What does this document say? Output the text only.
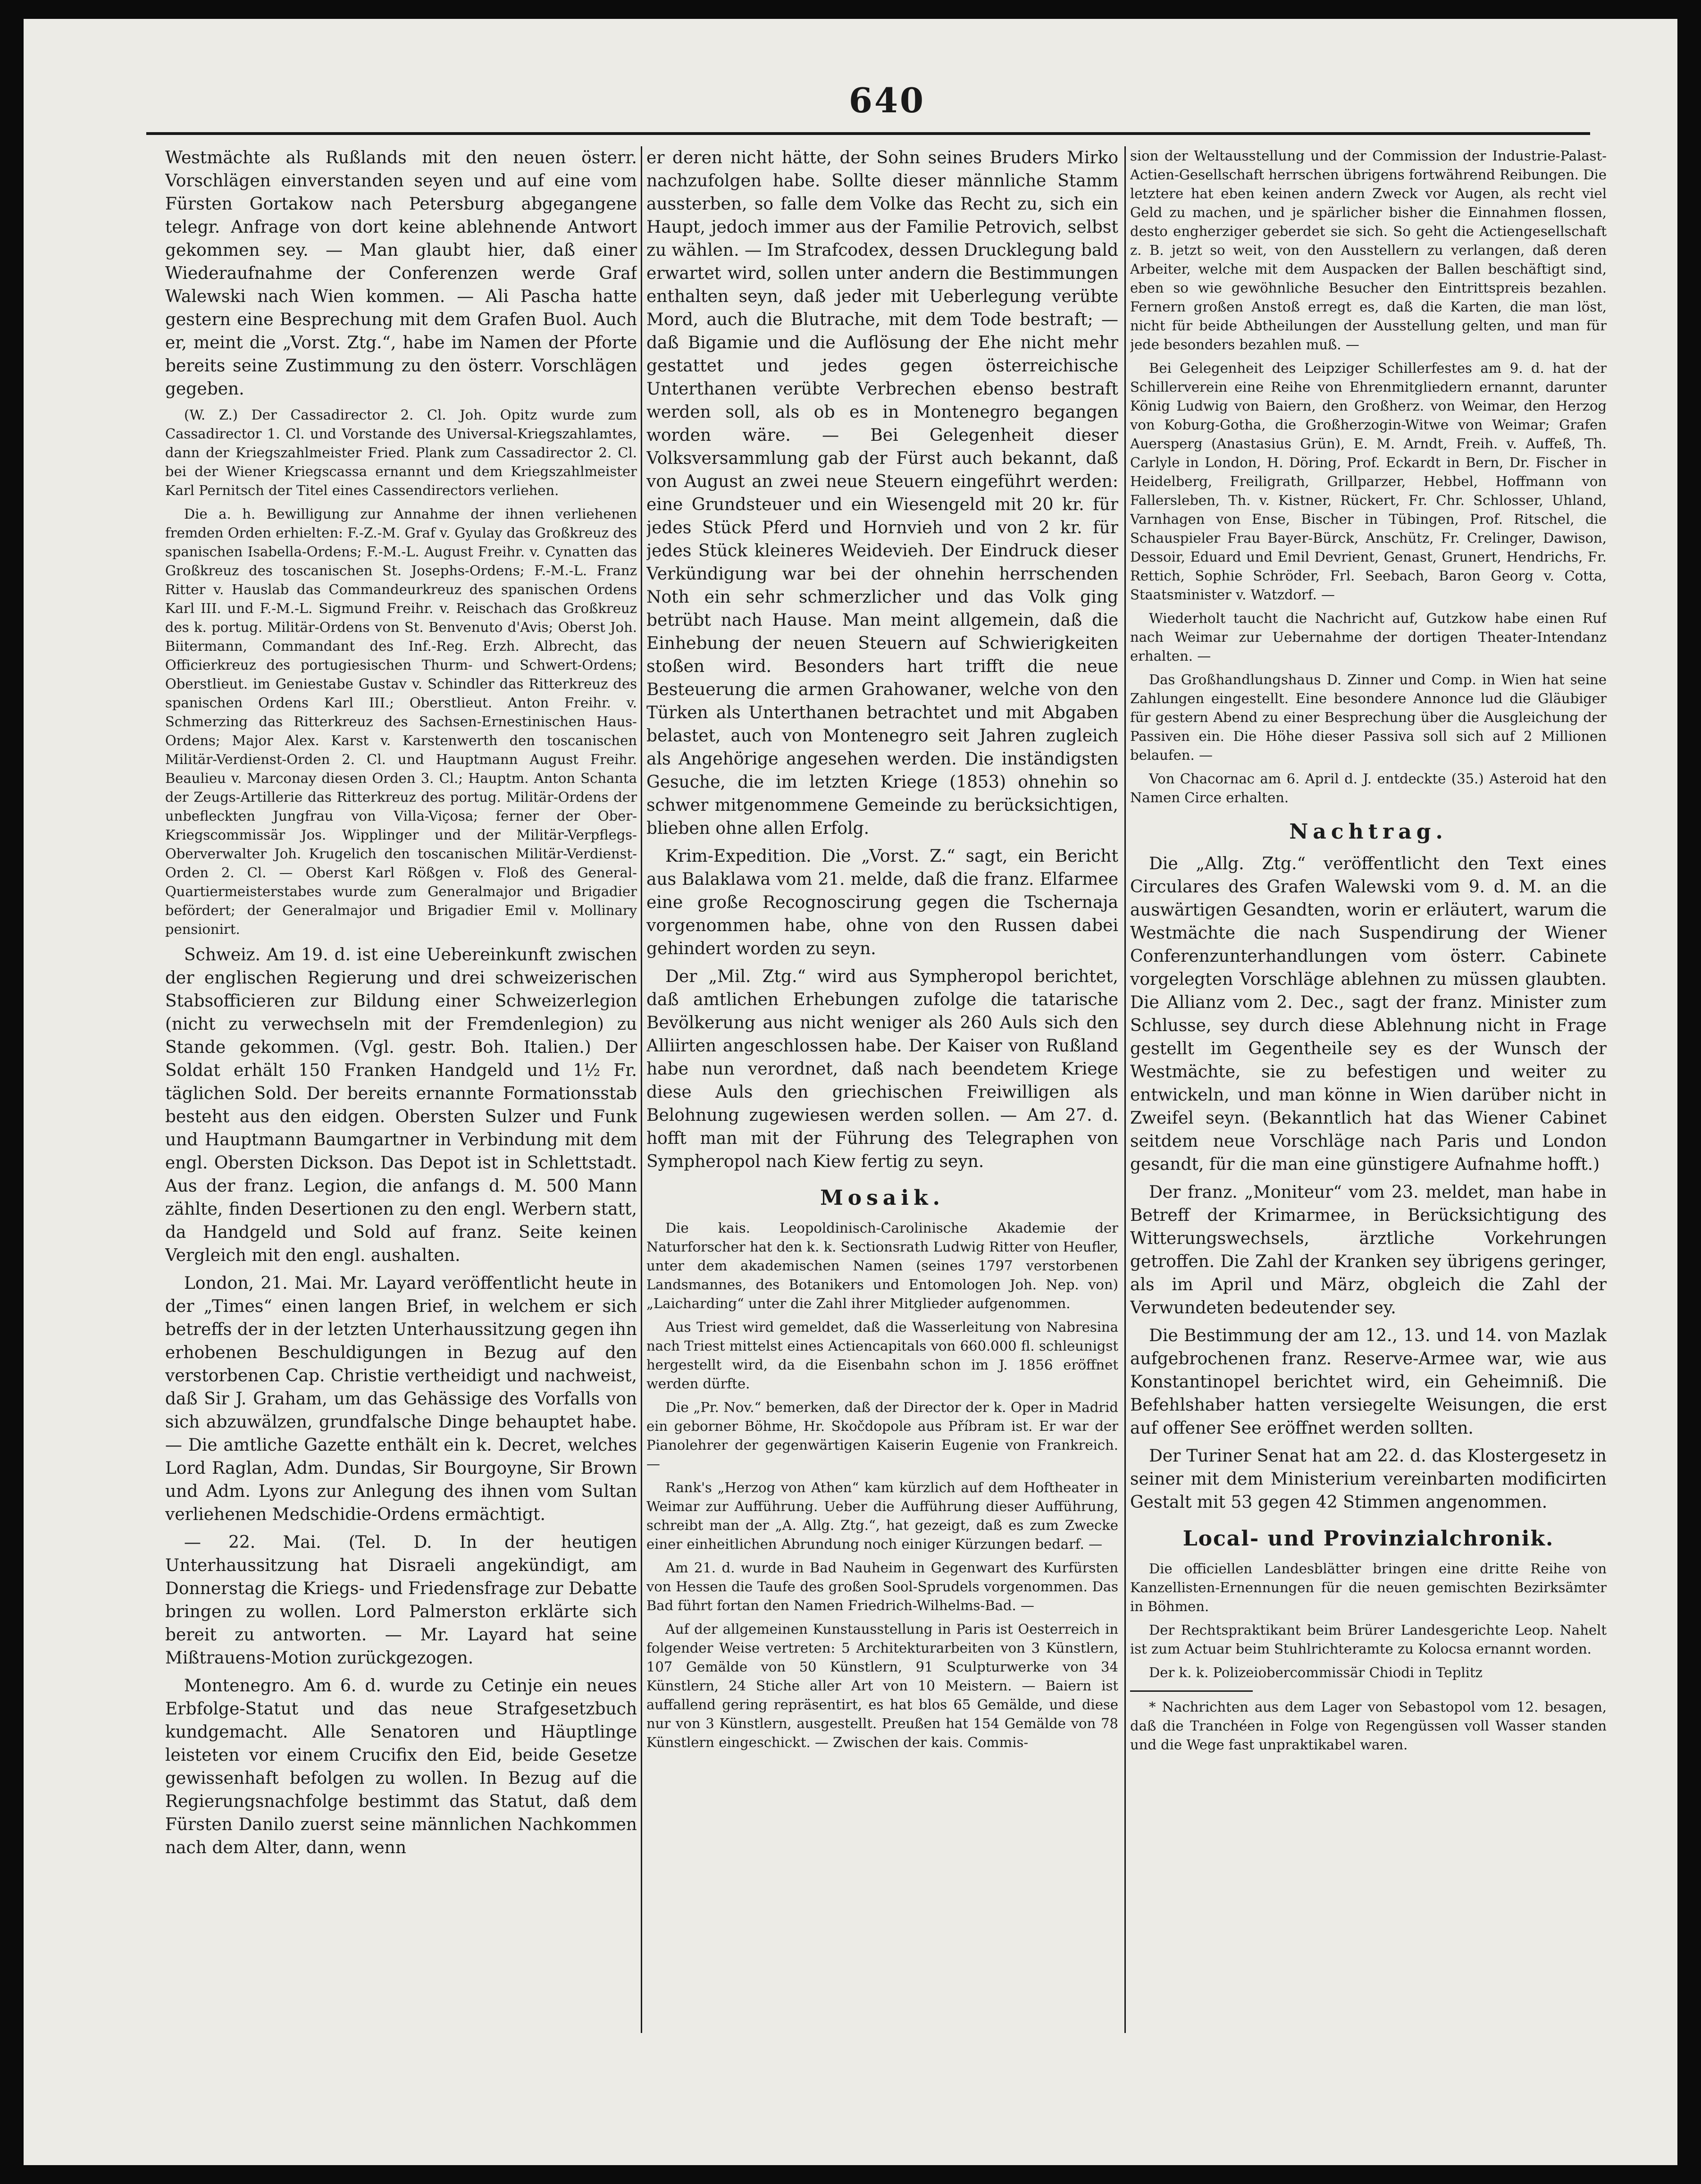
640

Westmächte als Rußlands mit den neuen österr. Vorschlägen einverstanden seyen und auf eine vom Fürsten Gortakow nach Petersburg abgegangene telegr. Anfrage von dort keine ablehnende Antwort gekommen sey. — Man glaubt hier, daß einer Wiederaufnahme der Conferenzen werde Graf Walewski nach Wien kommen. — Ali Pascha hatte gestern eine Besprechung mit dem Grafen Buol. Auch er, meint die „Vorst. Ztg.“, habe im Namen der Pforte bereits seine Zustimmung zu den österr. Vorschlägen gegeben.

(W. Z.) Der Cassadirector 2. Cl. Joh. Opitz wurde zum Cassadirector 1. Cl. und Vorstande des Universal-Kriegszahlamtes, dann der Kriegszahlmeister Fried. Plank zum Cassadirector 2. Cl. bei der Wiener Kriegscassa ernannt und dem Kriegszahlmeister Karl Pernitsch der Titel eines Cassendirectors verliehen.

Die a. h. Bewilligung zur Annahme der ihnen verliehenen fremden Orden erhielten: F.-Z.-M. Graf v. Gyulay das Großkreuz des spanischen Isabella-Ordens; F.-M.-L. August Freihr. v. Cynatten das Großkreuz des toscanischen St. Josephs-Ordens; F.-M.-L. Franz Ritter v. Hauslab das Commandeurkreuz des spanischen Ordens Karl III. und F.-M.-L. Sigmund Freihr. v. Reischach das Großkreuz des k. portug. Militär-Ordens von St. Benvenuto d'Avis; Oberst Joh. Biitermann, Commandant des Inf.-Reg. Erzh. Albrecht, das Officierkreuz des portugiesischen Thurm- und Schwert-Ordens; Oberstlieut. im Geniestabe Gustav v. Schindler das Ritterkreuz des spanischen Ordens Karl III.; Oberstlieut. Anton Freihr. v. Schmerzing das Ritterkreuz des Sachsen-Ernestinischen Haus-Ordens; Major Alex. Karst v. Karstenwerth den toscanischen Militär-Verdienst-Orden 2. Cl. und Hauptmann August Freihr. Beaulieu v. Marconay diesen Orden 3. Cl.; Hauptm. Anton Schanta der Zeugs-Artillerie das Ritterkreuz des portug. Militär-Ordens der unbefleckten Jungfrau von Villa-Viçosa; ferner der Ober-Kriegscommissär Jos. Wipplinger und der Militär-Verpflegs-Oberverwalter Joh. Krugelich den toscanischen Militär-Verdienst-Orden 2. Cl. — Oberst Karl Rößgen v. Floß des General-Quartiermeisterstabes wurde zum Generalmajor und Brigadier befördert; der Generalmajor und Brigadier Emil v. Mollinary pensionirt.

Schweiz. Am 19. d. ist eine Uebereinkunft zwischen der englischen Regierung und drei schweizerischen Stabsofficieren zur Bildung einer Schweizerlegion (nicht zu verwechseln mit der Fremdenlegion) zu Stande gekommen. (Vgl. gestr. Boh. Italien.) Der Soldat erhält 150 Franken Handgeld und 1½ Fr. täglichen Sold. Der bereits ernannte Formationsstab besteht aus den eidgen. Obersten Sulzer und Funk und Hauptmann Baumgartner in Verbindung mit dem engl. Obersten Dickson. Das Depot ist in Schlettstadt. Aus der franz. Legion, die anfangs d. M. 500 Mann zählte, finden Desertionen zu den engl. Werbern statt, da Handgeld und Sold auf franz. Seite keinen Vergleich mit den engl. aushalten.

London, 21. Mai. Mr. Layard veröffentlicht heute in der „Times“ einen langen Brief, in welchem er sich betreffs der in der letzten Unterhaussitzung gegen ihn erhobenen Beschuldigungen in Bezug auf den verstorbenen Cap. Christie vertheidigt und nachweist, daß Sir J. Graham, um das Gehässige des Vorfalls von sich abzuwälzen, grundfalsche Dinge behauptet habe. — Die amtliche Gazette enthält ein k. Decret, welches Lord Raglan, Adm. Dundas, Sir Bourgoyne, Sir Brown und Adm. Lyons zur Anlegung des ihnen vom Sultan verliehenen Medschidie-Ordens ermächtigt.

— 22. Mai. (Tel. D. In der heutigen Unterhaussitzung hat Disraeli angekündigt, am Donnerstag die Kriegs- und Friedensfrage zur Debatte bringen zu wollen. Lord Palmerston erklärte sich bereit zu antworten. — Mr. Layard hat seine Mißtrauens-Motion zurückgezogen.

Montenegro. Am 6. d. wurde zu Cetinje ein neues Erbfolge-Statut und das neue Strafgesetzbuch kundgemacht. Alle Senatoren und Häuptlinge leisteten vor einem Crucifix den Eid, beide Gesetze gewissenhaft befolgen zu wollen. In Bezug auf die Regierungsnachfolge bestimmt das Statut, daß dem Fürsten Danilo zuerst seine männlichen Nachkommen nach dem Alter, dann, wenn

er deren nicht hätte, der Sohn seines Bruders Mirko nachzufolgen habe. Sollte dieser männliche Stamm aussterben, so falle dem Volke das Recht zu, sich ein Haupt, jedoch immer aus der Familie Petrovich, selbst zu wählen. — Im Strafcodex, dessen Drucklegung bald erwartet wird, sollen unter andern die Bestimmungen enthalten seyn, daß jeder mit Ueberlegung verübte Mord, auch die Blutrache, mit dem Tode bestraft; — daß Bigamie und die Auflösung der Ehe nicht mehr gestattet und jedes gegen österreichische Unterthanen verübte Verbrechen ebenso bestraft werden soll, als ob es in Montenegro begangen worden wäre. — Bei Gelegenheit dieser Volksversammlung gab der Fürst auch bekannt, daß von August an zwei neue Steuern eingeführt werden: eine Grundsteuer und ein Wiesengeld mit 20 kr. für jedes Stück Pferd und Hornvieh und von 2 kr. für jedes Stück kleineres Weidevieh. Der Eindruck dieser Verkündigung war bei der ohnehin herrschenden Noth ein sehr schmerzlicher und das Volk ging betrübt nach Hause. Man meint allgemein, daß die Einhebung der neuen Steuern auf Schwierigkeiten stoßen wird. Besonders hart trifft die neue Besteuerung die armen Grahowaner, welche von den Türken als Unterthanen betrachtet und mit Abgaben belastet, auch von Montenegro seit Jahren zugleich als Angehörige angesehen werden. Die inständigsten Gesuche, die im letzten Kriege (1853) ohnehin so schwer mitgenommene Gemeinde zu berücksichtigen, blieben ohne allen Erfolg.

Krim-Expedition. Die „Vorst. Z.“ sagt, ein Bericht aus Balaklawa vom 21. melde, daß die franz. Elfarmee eine große Recognoscirung gegen die Tschernaja vorgenommen habe, ohne von den Russen dabei gehindert worden zu seyn.

Der „Mil. Ztg.“ wird aus Sympheropol berichtet, daß amtlichen Erhebungen zufolge die tatarische Bevölkerung aus nicht weniger als 260 Auls sich den Alliirten angeschlossen habe. Der Kaiser von Rußland habe nun verordnet, daß nach beendetem Kriege diese Auls den griechischen Freiwilligen als Belohnung zugewiesen werden sollen. — Am 27. d. hofft man mit der Führung des Telegraphen von Sympheropol nach Kiew fertig zu seyn.

Mosaik.

Die kais. Leopoldinisch-Carolinische Akademie der Naturforscher hat den k. k. Sectionsrath Ludwig Ritter von Heufler, unter dem akademischen Namen (seines 1797 verstorbenen Landsmannes, des Botanikers und Entomologen Joh. Nep. von) „Laicharding“ unter die Zahl ihrer Mitglieder aufgenommen.

Aus Triest wird gemeldet, daß die Wasserleitung von Nabresina nach Triest mittelst eines Actiencapitals von 660.000 fl. schleunigst hergestellt wird, da die Eisenbahn schon im J. 1856 eröffnet werden dürfte.

Die „Pr. Nov.“ bemerken, daß der Director der k. Oper in Madrid ein geborner Böhme, Hr. Skočdopole aus Příbram ist. Er war der Pianolehrer der gegenwärtigen Kaiserin Eugenie von Frankreich. —

Rank's „Herzog von Athen“ kam kürzlich auf dem Hoftheater in Weimar zur Aufführung. Ueber die Aufführung dieser Aufführung, schreibt man der „A. Allg. Ztg.“, hat gezeigt, daß es zum Zwecke einer einheitlichen Abrundung noch einiger Kürzungen bedarf. —

Am 21. d. wurde in Bad Nauheim in Gegenwart des Kurfürsten von Hessen die Taufe des großen Sool-Sprudels vorgenommen. Das Bad führt fortan den Namen Friedrich-Wilhelms-Bad. —

Auf der allgemeinen Kunstausstellung in Paris ist Oesterreich in folgender Weise vertreten: 5 Architekturarbeiten von 3 Künstlern, 107 Gemälde von 50 Künstlern, 91 Sculpturwerke von 34 Künstlern, 24 Stiche aller Art von 10 Meistern. — Baiern ist auffallend gering repräsentirt, es hat blos 65 Gemälde, und diese nur von 3 Künstlern, ausgestellt. Preußen hat 154 Gemälde von 78 Künstlern eingeschickt. — Zwischen der kais. Commis-

sion der Weltausstellung und der Commission der Industrie-Palast-Actien-Gesellschaft herrschen übrigens fortwährend Reibungen. Die letztere hat eben keinen andern Zweck vor Augen, als recht viel Geld zu machen, und je spärlicher bisher die Einnahmen flossen, desto engherziger geberdet sie sich. So geht die Actiengesellschaft z. B. jetzt so weit, von den Ausstellern zu verlangen, daß deren Arbeiter, welche mit dem Auspacken der Ballen beschäftigt sind, eben so wie gewöhnliche Besucher den Eintrittspreis bezahlen. Fernern großen Anstoß erregt es, daß die Karten, die man löst, nicht für beide Abtheilungen der Ausstellung gelten, und man für jede besonders bezahlen muß. —

Bei Gelegenheit des Leipziger Schillerfestes am 9. d. hat der Schillerverein eine Reihe von Ehrenmitgliedern ernannt, darunter König Ludwig von Baiern, den Großherz. von Weimar, den Herzog von Koburg-Gotha, die Großherzogin-Witwe von Weimar; Grafen Auersperg (Anastasius Grün), E. M. Arndt, Freih. v. Auffeß, Th. Carlyle in London, H. Döring, Prof. Eckardt in Bern, Dr. Fischer in Heidelberg, Freiligrath, Grillparzer, Hebbel, Hoffmann von Fallersleben, Th. v. Kistner, Rückert, Fr. Chr. Schlosser, Uhland, Varnhagen von Ense, Bischer in Tübingen, Prof. Ritschel, die Schauspieler Frau Bayer-Bürck, Anschütz, Fr. Crelinger, Dawison, Dessoir, Eduard und Emil Devrient, Genast, Grunert, Hendrichs, Fr. Rettich, Sophie Schröder, Frl. Seebach, Baron Georg v. Cotta, Staatsminister v. Watzdorf. —

Wiederholt taucht die Nachricht auf, Gutzkow habe einen Ruf nach Weimar zur Uebernahme der dortigen Theater-Intendanz erhalten. —

Das Großhandlungshaus D. Zinner und Comp. in Wien hat seine Zahlungen eingestellt. Eine besondere Annonce lud die Gläubiger für gestern Abend zu einer Besprechung über die Ausgleichung der Passiven ein. Die Höhe dieser Passiva soll sich auf 2 Millionen belaufen. —

Von Chacornac am 6. April d. J. entdeckte (35.) Asteroid hat den Namen Circe erhalten.

Nachtrag.

Die „Allg. Ztg.“ veröffentlicht den Text eines Circulares des Grafen Walewski vom 9. d. M. an die auswärtigen Gesandten, worin er erläutert, warum die Westmächte die nach Suspendirung der Wiener Conferenzunterhandlungen vom österr. Cabinete vorgelegten Vorschläge ablehnen zu müssen glaubten. Die Allianz vom 2. Dec., sagt der franz. Minister zum Schlusse, sey durch diese Ablehnung nicht in Frage gestellt im Gegentheile sey es der Wunsch der Westmächte, sie zu befestigen und weiter zu entwickeln, und man könne in Wien darüber nicht in Zweifel seyn. (Bekanntlich hat das Wiener Cabinet seitdem neue Vorschläge nach Paris und London gesandt, für die man eine günstigere Aufnahme hofft.)

Der franz. „Moniteur“ vom 23. meldet, man habe in Betreff der Krimarmee, in Berücksichtigung des Witterungswechsels, ärztliche Vorkehrungen getroffen. Die Zahl der Kranken sey übrigens geringer, als im April und März, obgleich die Zahl der Verwundeten bedeutender sey.

Die Bestimmung der am 12., 13. und 14. von Mazlak aufgebrochenen franz. Reserve-Armee war, wie aus Konstantinopel berichtet wird, ein Geheimniß. Die Befehlshaber hatten versiegelte Weisungen, die erst auf offener See eröffnet werden sollten.

Der Turiner Senat hat am 22. d. das Klostergesetz in seiner mit dem Ministerium vereinbarten modificirten Gestalt mit 53 gegen 42 Stimmen angenommen.

Local- und Provinzialchronik.

Die officiellen Landesblätter bringen eine dritte Reihe von Kanzellisten-Ernennungen für die neuen gemischten Bezirksämter in Böhmen.

Der Rechtspraktikant beim Brürer Landesgerichte Leop. Nahelt ist zum Actuar beim Stuhlrichteramte zu Kolocsa ernannt worden.

Der k. k. Polizeiobercommissär Chiodi in Teplitz

* Nachrichten aus dem Lager von Sebastopol vom 12. besagen, daß die Tranchéen in Folge von Regengüssen voll Wasser standen und die Wege fast unpraktikabel waren.
